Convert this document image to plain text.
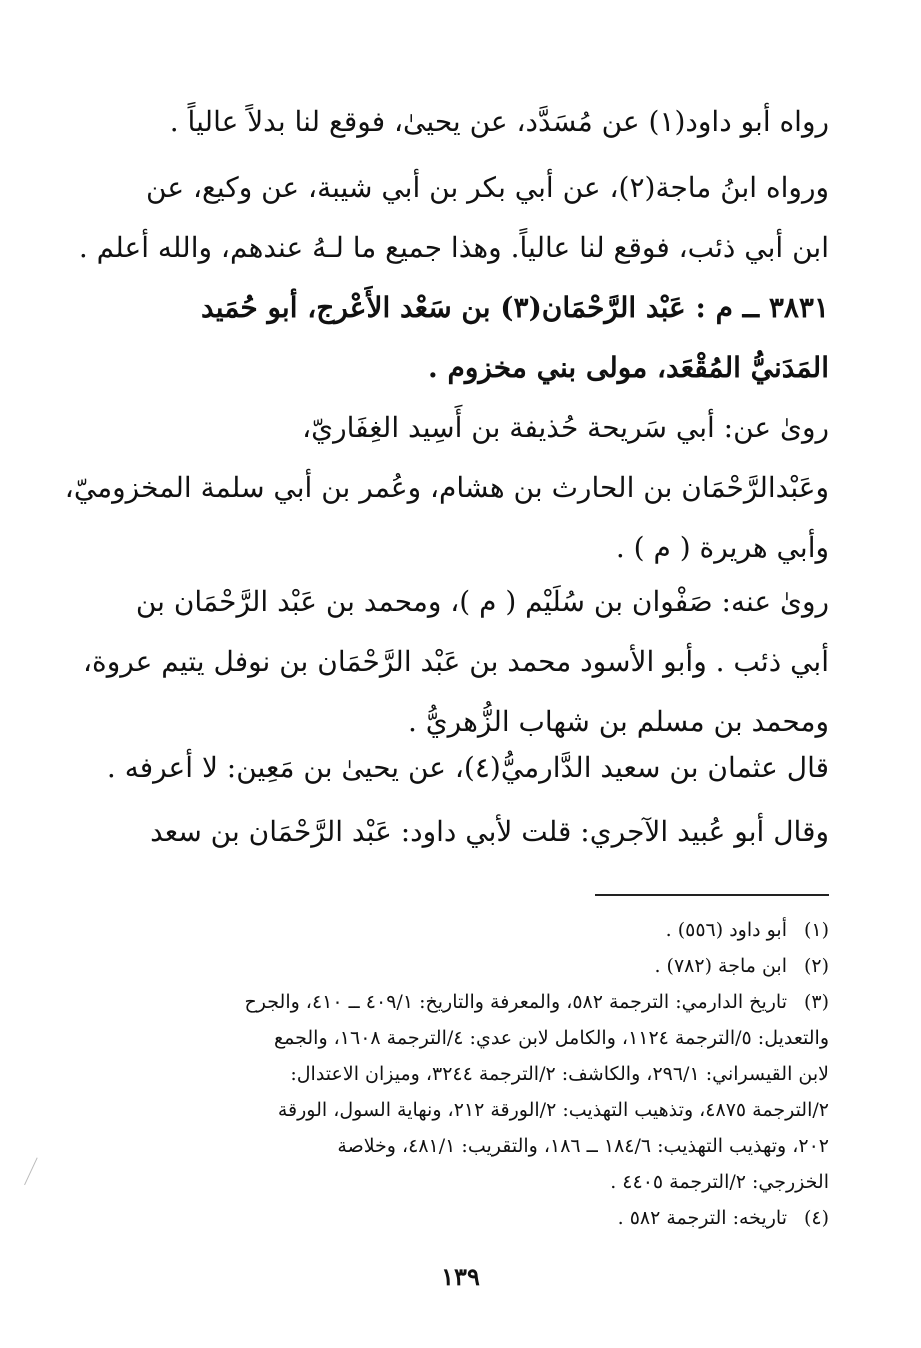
رواه أبو داود(١) عن مُسَدَّد، عن يحيىٰ، فوقع لنا بدلاً عالياً .

ورواه ابنُ ماجة(٢)، عن أبي بكر بن أبي شيبة، عن وكيع، عن
ابن أبي ذئب، فوقع لنا عالياً. وهذا جميع ما لـهُ عندهم، والله أعلم .

٣٨٣١ ــ م : عَبْد الرَّحْمَان(٣) بن سَعْد الأَعْرج، أبو حُمَيد
المَدَنيُّ المُقْعَد، مولى بني مخزوم .

روىٰ عن: أبي سَريحة حُذيفة بن أَسِيد الغِفَاريّ،
وعَبْدالرَّحْمَان بن الحارث بن هشام، وعُمر بن أبي سلمة المخزوميّ،
وأبي هريرة ( م ) .

روىٰ عنه: صَفْوان بن سُلَيْم ( م )، ومحمد بن عَبْد الرَّحْمَان بن
أبي ذئب . وأبو الأسود محمد بن عَبْد الرَّحْمَان بن نوفل يتيم عروة،
ومحمد بن مسلم بن شهاب الزُّهريُّ .

قال عثمان بن سعيد الدَّارميُّ(٤)، عن يحيىٰ بن مَعِين: لا أعرفه .

وقال أبو عُبيد الآجري: قلت لأبي داود: عَبْد الرَّحْمَان بن سعد

(١)أبو داود (٥٥٦) .
(٢)ابن ماجة (٧٨٢) .
(٣)تاريخ الدارمي: الترجمة ٥٨٢، والمعرفة والتاريخ: ٤٠٩/١ ــ ٤١٠، والجرح
والتعديل: ٥/الترجمة ١١٢٤، والكامل لابن عدي: ٤/الترجمة ١٦٠٨، والجمع
لابن القيسراني: ٢٩٦/١، والكاشف: ٢/الترجمة ٣٢٤٤، وميزان الاعتدال:
٢/الترجمة ٤٨٧٥، وتذهيب التهذيب: ٢/الورقة ٢١٢، ونهاية السول، الورقة
٢٠٢، وتهذيب التهذيب: ١٨٤/٦ ــ ١٨٦، والتقريب: ٤٨١/١، وخلاصة
الخزرجي: ٢/الترجمة ٤٤٠٥ .
(٤)تاريخه: الترجمة ٥٨٢ .
١٣٩
